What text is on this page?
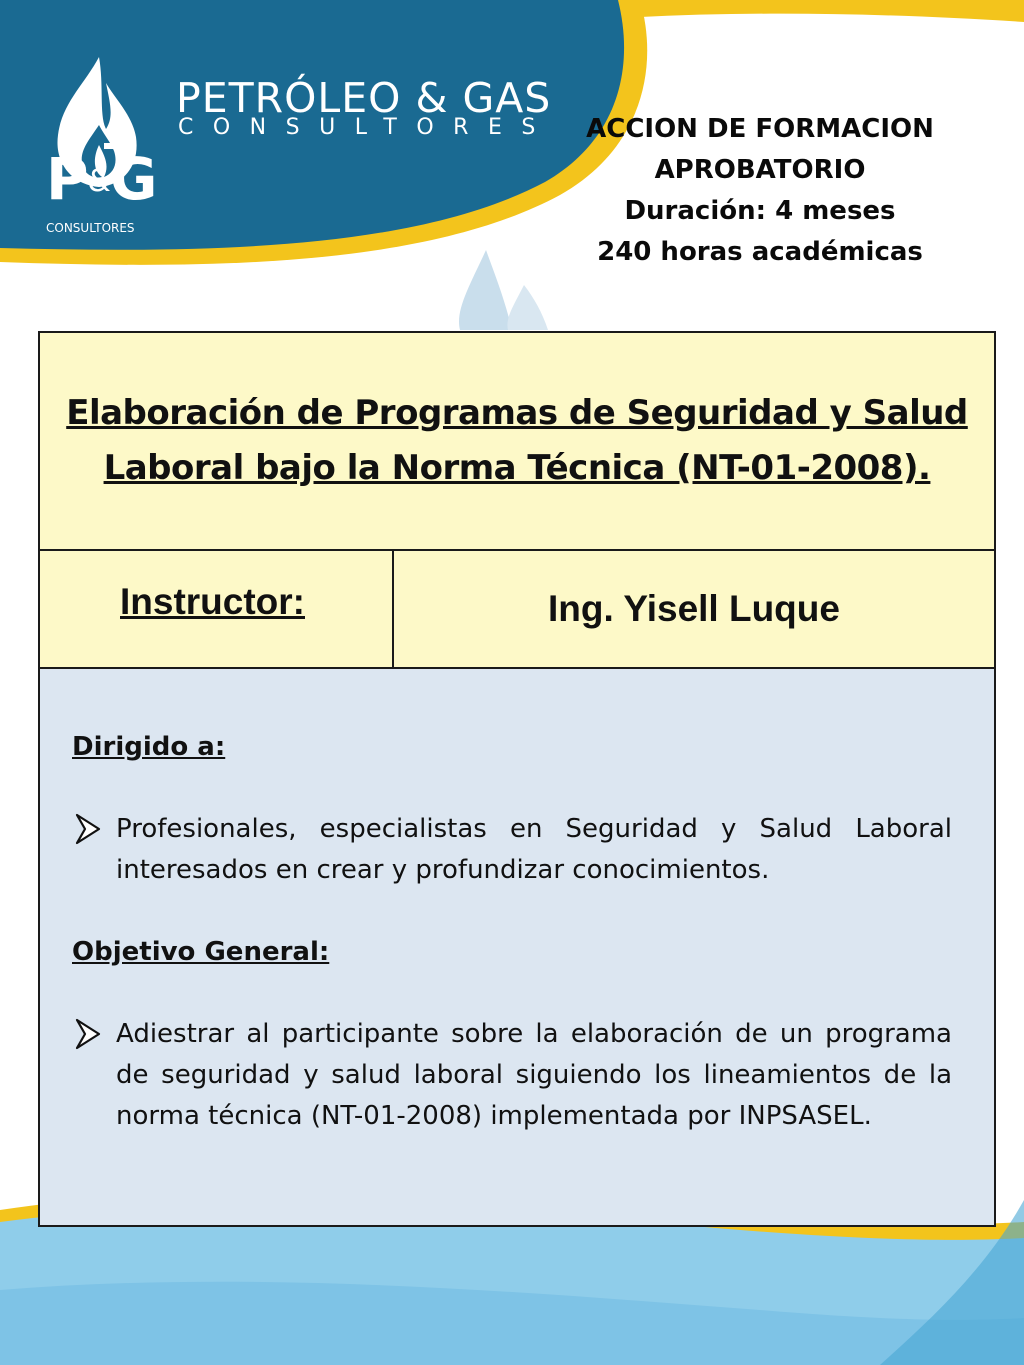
PETRÓLEO & GAS
CONSULTORES
P&G
CONSULTORES
ACCION DE FORMACION
APROBATORIO
Duración: 4 meses
240 horas académicas
Elaboración de Programas de Seguridad y Salud
Laboral bajo la Norma Técnica (NT-01-2008).
Instructor:	Ing. Yisell Luque
Dirigido a:
Profesionales, especialistas en Seguridad y Salud Laboral interesados en crear y profundizar conocimientos.
Objetivo General:
Adiestrar al participante sobre la elaboración de un programa de seguridad y salud laboral siguiendo los lineamientos de la norma técnica (NT-01-2008) implementada por INPSASEL.
